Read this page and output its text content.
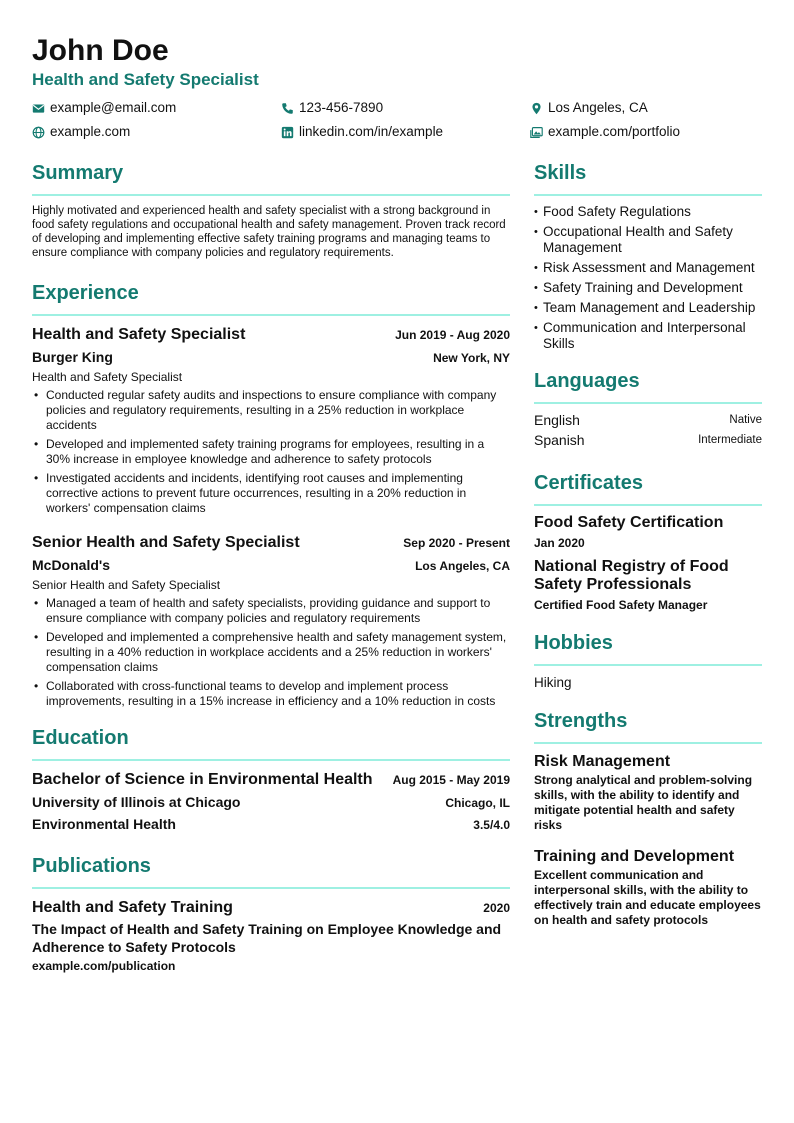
John Doe
Health and Safety Specialist
example@email.com	123-456-7890	Los Angeles, CA
example.com	linkedin.com/in/example	example.com/portfolio
Summary
Highly motivated and experienced health and safety specialist with a strong background in food safety regulations and occupational health and safety management. Proven track record of developing and implementing effective safety training programs and managing teams to ensure compliance with company policies and regulatory requirements.
Experience
Health and Safety Specialist	Jun 2019 - Aug 2020
Burger King	New York, NY
Health and Safety Specialist
• Conducted regular safety audits and inspections to ensure compliance with company policies and regulatory requirements, resulting in a 25% reduction in workplace accidents
• Developed and implemented safety training programs for employees, resulting in a 30% increase in employee knowledge and adherence to safety protocols
• Investigated accidents and incidents, identifying root causes and implementing corrective actions to prevent future occurrences, resulting in a 20% reduction in workers' compensation claims
Senior Health and Safety Specialist	Sep 2020 - Present
McDonald's	Los Angeles, CA
Senior Health and Safety Specialist
• Managed a team of health and safety specialists, providing guidance and support to ensure compliance with company policies and regulatory requirements
• Developed and implemented a comprehensive health and safety management system, resulting in a 40% reduction in workplace accidents and a 25% reduction in workers' compensation claims
• Collaborated with cross-functional teams to develop and implement process improvements, resulting in a 15% increase in efficiency and a 10% reduction in costs
Education
Bachelor of Science in Environmental Health Aug 2015 - May 2019
University of Illinois at Chicago	Chicago, IL
Environmental Health	3.5/4.0
Publications
Health and Safety Training	2020
The Impact of Health and Safety Training on Employee Knowledge and Adherence to Safety Protocols
example.com/publication
Skills
• Food Safety Regulations
• Occupational Health and Safety Management
• Risk Assessment and Management
• Safety Training and Development
• Team Management and Leadership
• Communication and Interpersonal Skills
Languages
English	Native
Spanish	Intermediate
Certificates
Food Safety Certification
Jan 2020
National Registry of Food Safety Professionals
Certified Food Safety Manager
Hobbies
Hiking
Strengths
Risk Management
Strong analytical and problem-solving skills, with the ability to identify and mitigate potential health and safety risks
Training and Development
Excellent communication and interpersonal skills, with the ability to effectively train and educate employees on health and safety protocols
